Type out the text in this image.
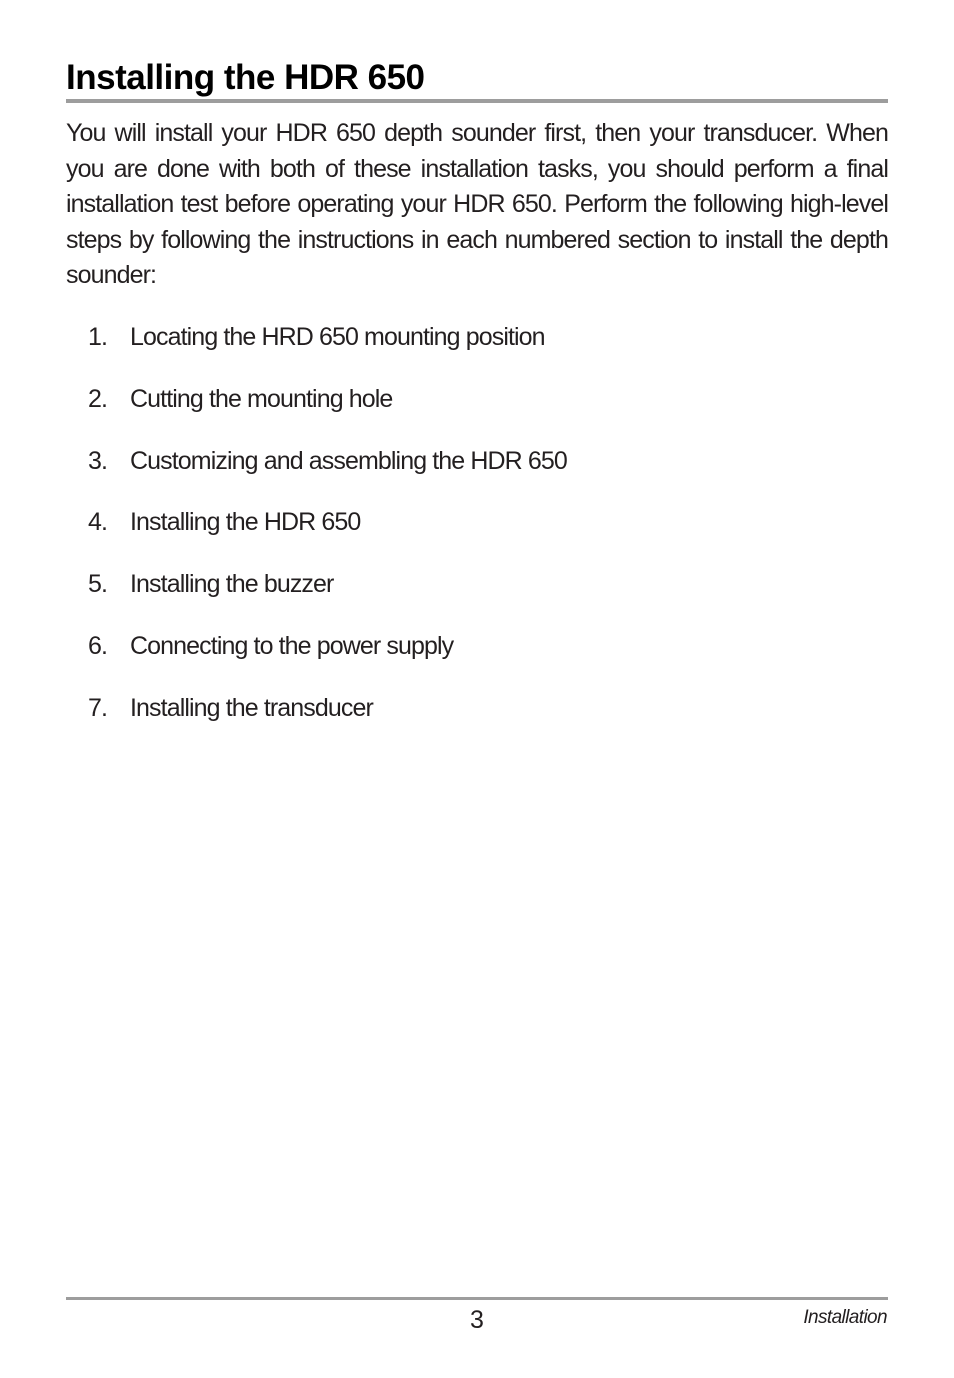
Installing the HDR 650

You will install your HDR 650 depth sounder first, then your transducer. When you are done with both of these installation tasks, you should perform a final installation test before operating your HDR 650. Perform the following high-level steps by following the instructions in each numbered section to install the depth sounder:

1. Locating the HRD 650 mounting position
2. Cutting the mounting hole
3. Customizing and assembling the HDR 650
4. Installing the HDR 650
5. Installing the buzzer
6. Connecting to the power supply
7. Installing the transducer
3	Installation
